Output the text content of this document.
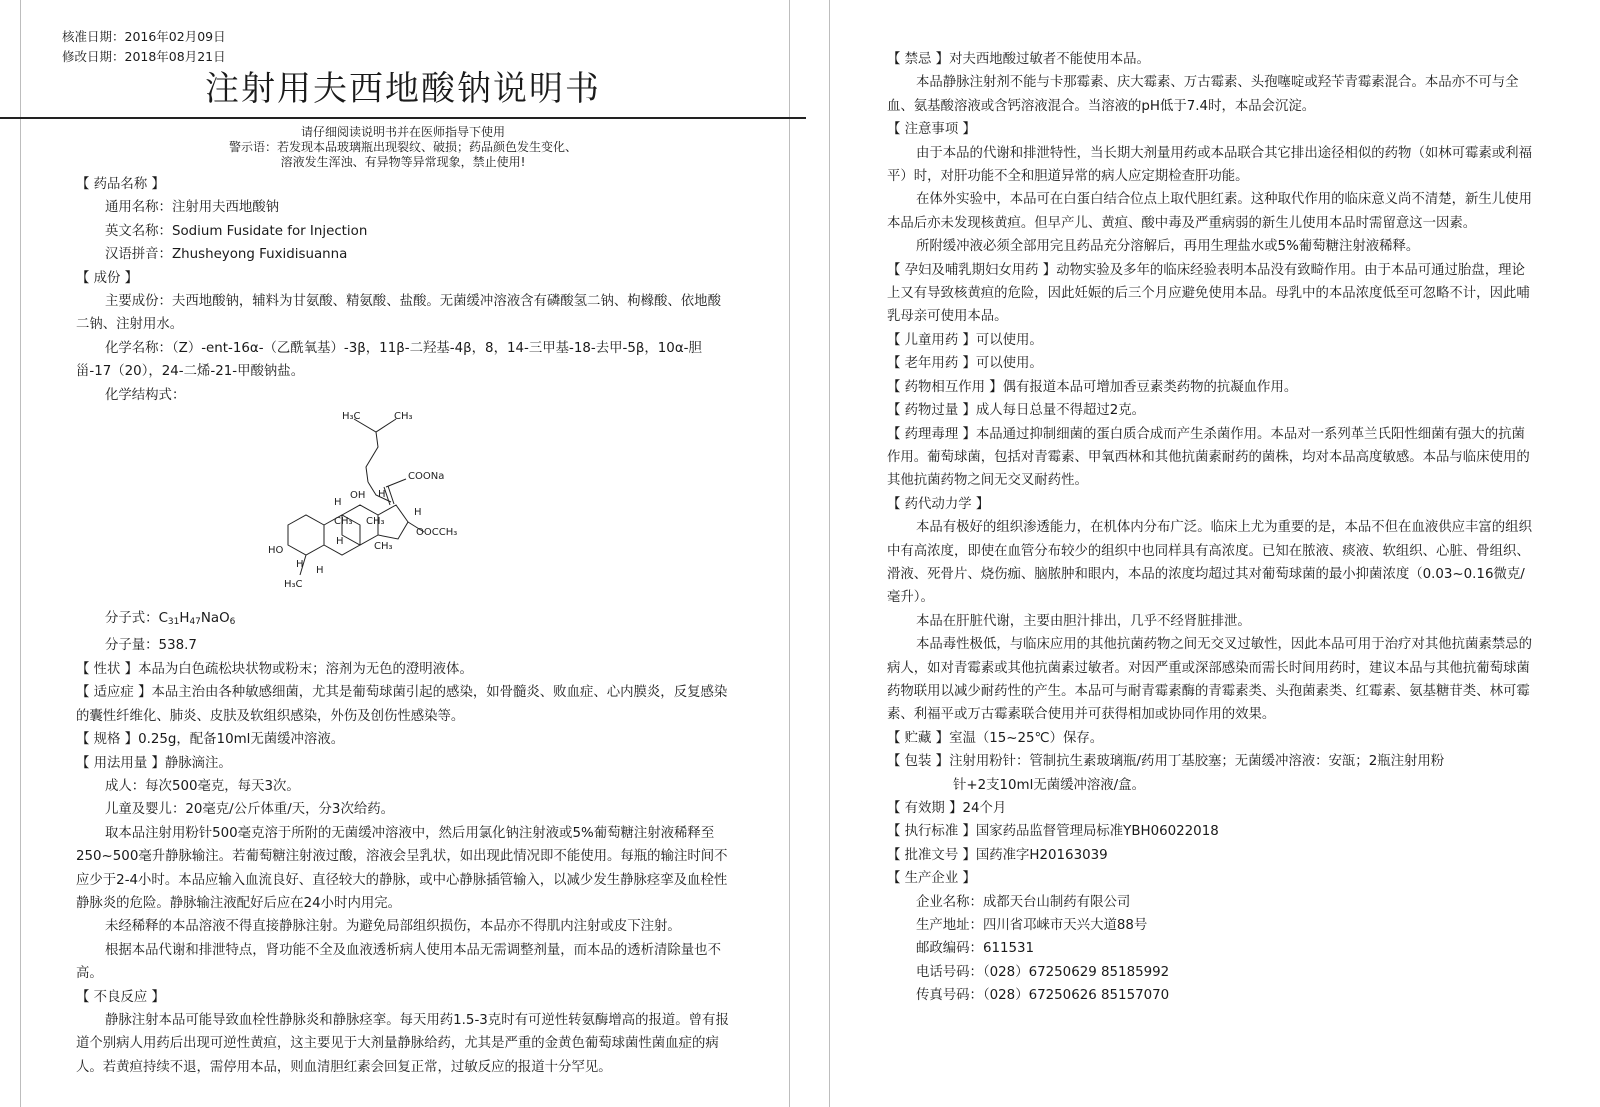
核准日期：2016年02月09日

修改日期：2018年08月21日

注射用夫西地酸钠说明书

请仔细阅读说明书并在医师指导下使用

警示语：若发现本品玻璃瓶出现裂纹、破损；药品颜色发生变化、

溶液发生浑浊、有异物等异常现象，禁止使用!

【 药品名称 】

通用名称：注射用夫西地酸钠

英文名称：Sodium Fusidate for Injection

汉语拼音：Zhusheyong Fuxidisuanna

【 成份 】

主要成份：夫西地酸钠，辅料为甘氨酸、精氨酸、盐酸。无菌缓冲溶液含有磷酸氢二钠、枸橼酸、依地酸二钠、注射用水。

化学名称：（Z）-ent-16α-（乙酰氧基）-3β，11β-二羟基-4β，8，14-三甲基-18-去甲-5β，10α-胆甾-17（20），24-二烯-21-甲酸钠盐。

化学结构式：

H₃C	CH₃
COONa
H
OH H
CH₃ CH₃
H
OOCCH₃
HO
H
H
H
CH₃
H₃C

分子式：$C_{31}H_{47}NaO_6$

分子量：538.7

【 性状 】本品为白色疏松块状物或粉末；溶剂为无色的澄明液体。

【 适应症 】本品主治由各种敏感细菌，尤其是葡萄球菌引起的感染，如骨髓炎、败血症、心内膜炎，反复感染的囊性纤维化、肺炎、皮肤及软组织感染，外伤及创伤性感染等。

【 规格 】0.25g，配备10ml无菌缓冲溶液。

【 用法用量 】静脉滴注。

成人：每次500毫克，每天3次。

儿童及婴儿：20毫克/公斤体重/天，分3次给药。

取本品注射用粉针500毫克溶于所附的无菌缓冲溶液中，然后用氯化钠注射液或5%葡萄糖注射液稀释至250~500毫升静脉输注。若葡萄糖注射液过酸，溶液会呈乳状，如出现此情况即不能使用。每瓶的输注时间不应少于2-4小时。本品应输入血流良好、直径较大的静脉，或中心静脉插管输入，以减少发生静脉痉挛及血栓性静脉炎的危险。静脉输注液配好后应在24小时内用完。

未经稀释的本品溶液不得直接静脉注射。为避免局部组织损伤，本品亦不得肌内注射或皮下注射。

根据本品代谢和排泄特点，肾功能不全及血液透析病人使用本品无需调整剂量，而本品的透析清除量也不高。

【 不良反应 】

静脉注射本品可能导致血栓性静脉炎和静脉痉挛。每天用药1.5-3克时有可逆性转氨酶增高的报道。曾有报道个别病人用药后出现可逆性黄疸，这主要见于大剂量静脉给药，尤其是严重的金黄色葡萄球菌性菌血症的病人。若黄疸持续不退，需停用本品，则血清胆红素会回复正常，过敏反应的报道十分罕见。

【 禁忌 】对夫西地酸过敏者不能使用本品。

本品静脉注射剂不能与卡那霉素、庆大霉素、万古霉素、头孢噻啶或羟苄青霉素混合。本品亦不可与全血、氨基酸溶液或含钙溶液混合。当溶液的pH低于7.4时，本品会沉淀。

【 注意事项 】

由于本品的代谢和排泄特性，当长期大剂量用药或本品联合其它排出途径相似的药物（如林可霉素或利福平）时，对肝功能不全和胆道异常的病人应定期检查肝功能。

在体外实验中，本品可在白蛋白结合位点上取代胆红素。这种取代作用的临床意义尚不清楚，新生儿使用本品后亦未发现核黄疸。但早产儿、黄疸、酸中毒及严重病弱的新生儿使用本品时需留意这一因素。

所附缓冲液必须全部用完且药品充分溶解后，再用生理盐水或5%葡萄糖注射液稀释。

【 孕妇及哺乳期妇女用药 】动物实验及多年的临床经验表明本品没有致畸作用。由于本品可通过胎盘，理论上又有导致核黄疸的危险，因此妊娠的后三个月应避免使用本品。母乳中的本品浓度低至可忽略不计，因此哺乳母亲可使用本品。

【 儿童用药 】可以使用。

【 老年用药 】可以使用。

【 药物相互作用 】偶有报道本品可增加香豆素类药物的抗凝血作用。

【 药物过量 】成人每日总量不得超过2克。

【 药理毒理 】本品通过抑制细菌的蛋白质合成而产生杀菌作用。本品对一系列革兰氏阳性细菌有强大的抗菌作用。葡萄球菌，包括对青霉素、甲氧西林和其他抗菌素耐药的菌株，均对本品高度敏感。本品与临床使用的其他抗菌药物之间无交叉耐药性。

【 药代动力学 】

本品有极好的组织渗透能力，在机体内分布广泛。临床上尤为重要的是，本品不但在血液供应丰富的组织中有高浓度，即使在血管分布较少的组织中也同样具有高浓度。已知在脓液、痰液、软组织、心脏、骨组织、滑液、死骨片、烧伤痂、脑脓肿和眼内，本品的浓度均超过其对葡萄球菌的最小抑菌浓度（0.03~0.16微克/毫升）。

本品在肝脏代谢，主要由胆汁排出，几乎不经肾脏排泄。

本品毒性极低，与临床应用的其他抗菌药物之间无交叉过敏性，因此本品可用于治疗对其他抗菌素禁忌的病人，如对青霉素或其他抗菌素过敏者。对因严重或深部感染而需长时间用药时，建议本品与其他抗葡萄球菌药物联用以减少耐药性的产生。本品可与耐青霉素酶的青霉素类、头孢菌素类、红霉素、氨基糖苷类、林可霉素、利福平或万古霉素联合使用并可获得相加或协同作用的效果。

【 贮藏 】室温（15~25℃）保存。

【 包装 】注射用粉针：管制抗生素玻璃瓶/药用丁基胶塞；无菌缓冲溶液：安瓿；2瓶注射用粉

针+2支10ml无菌缓冲溶液/盒。

【 有效期 】24个月

【 执行标准 】国家药品监督管理局标准YBH06022018

【 批准文号 】国药准字H20163039

【 生产企业 】

企业名称：成都天台山制药有限公司

生产地址：四川省邛崃市天兴大道88号

邮政编码：611531

电话号码：（028）67250629 85185992

传真号码：（028）67250626 85157070
